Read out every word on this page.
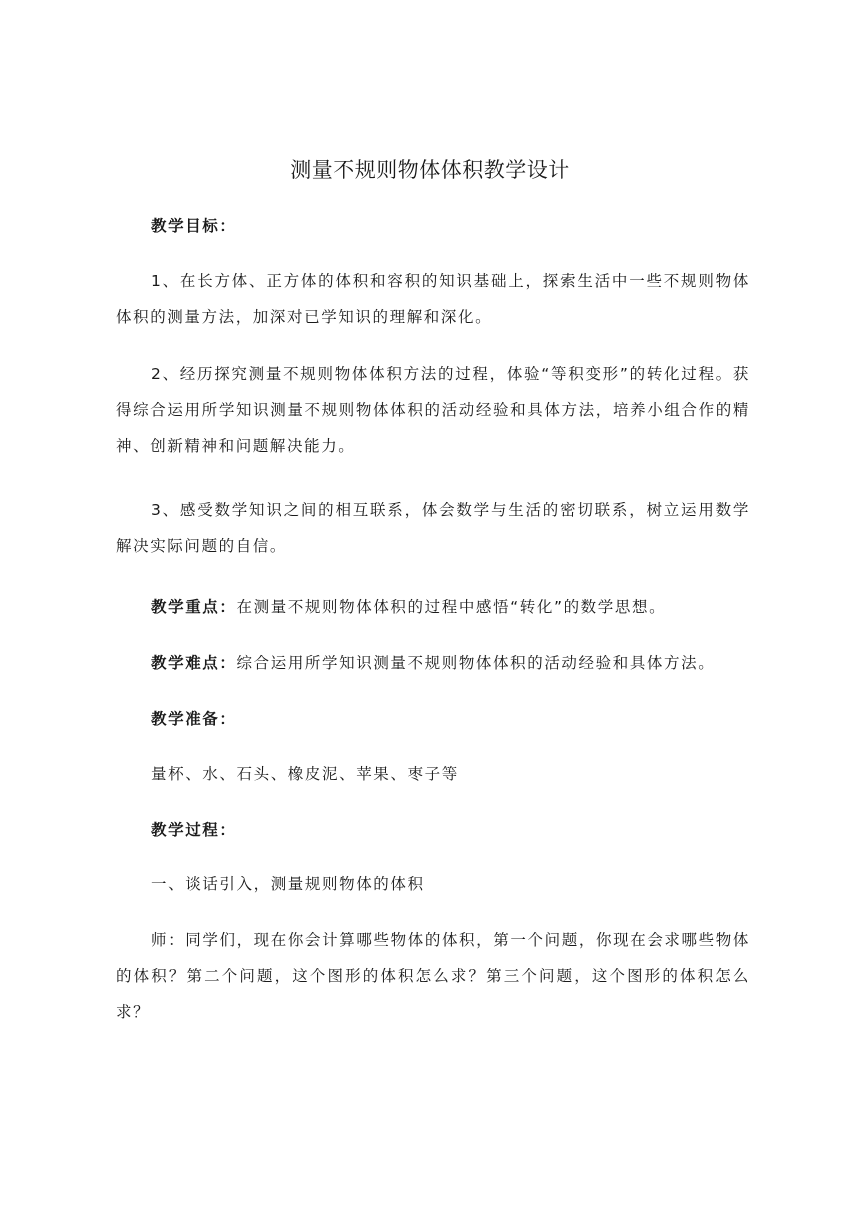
测量不规则物体体积教学设计
教学目标：
1、在长方体、正方体的体积和容积的知识基础上，探索生活中一些不规则物体体积的测量方法，加深对已学知识的理解和深化。
2、经历探究测量不规则物体体积方法的过程，体验“等积变形”的转化过程。获得综合运用所学知识测量不规则物体体积的活动经验和具体方法，培养小组合作的精神、创新精神和问题解决能力。
3、感受数学知识之间的相互联系，体会数学与生活的密切联系，树立运用数学解决实际问题的自信。
教学重点：在测量不规则物体体积的过程中感悟“转化”的数学思想。
教学难点：综合运用所学知识测量不规则物体体积的活动经验和具体方法。
教学准备：
量杯、水、石头、橡皮泥、苹果、枣子等
教学过程：
一、谈话引入，测量规则物体的体积
师：同学们，现在你会计算哪些物体的体积，第一个问题，你现在会求哪些物体的体积？第二个问题，这个图形的体积怎么求？第三个问题，这个图形的体积怎么求？
